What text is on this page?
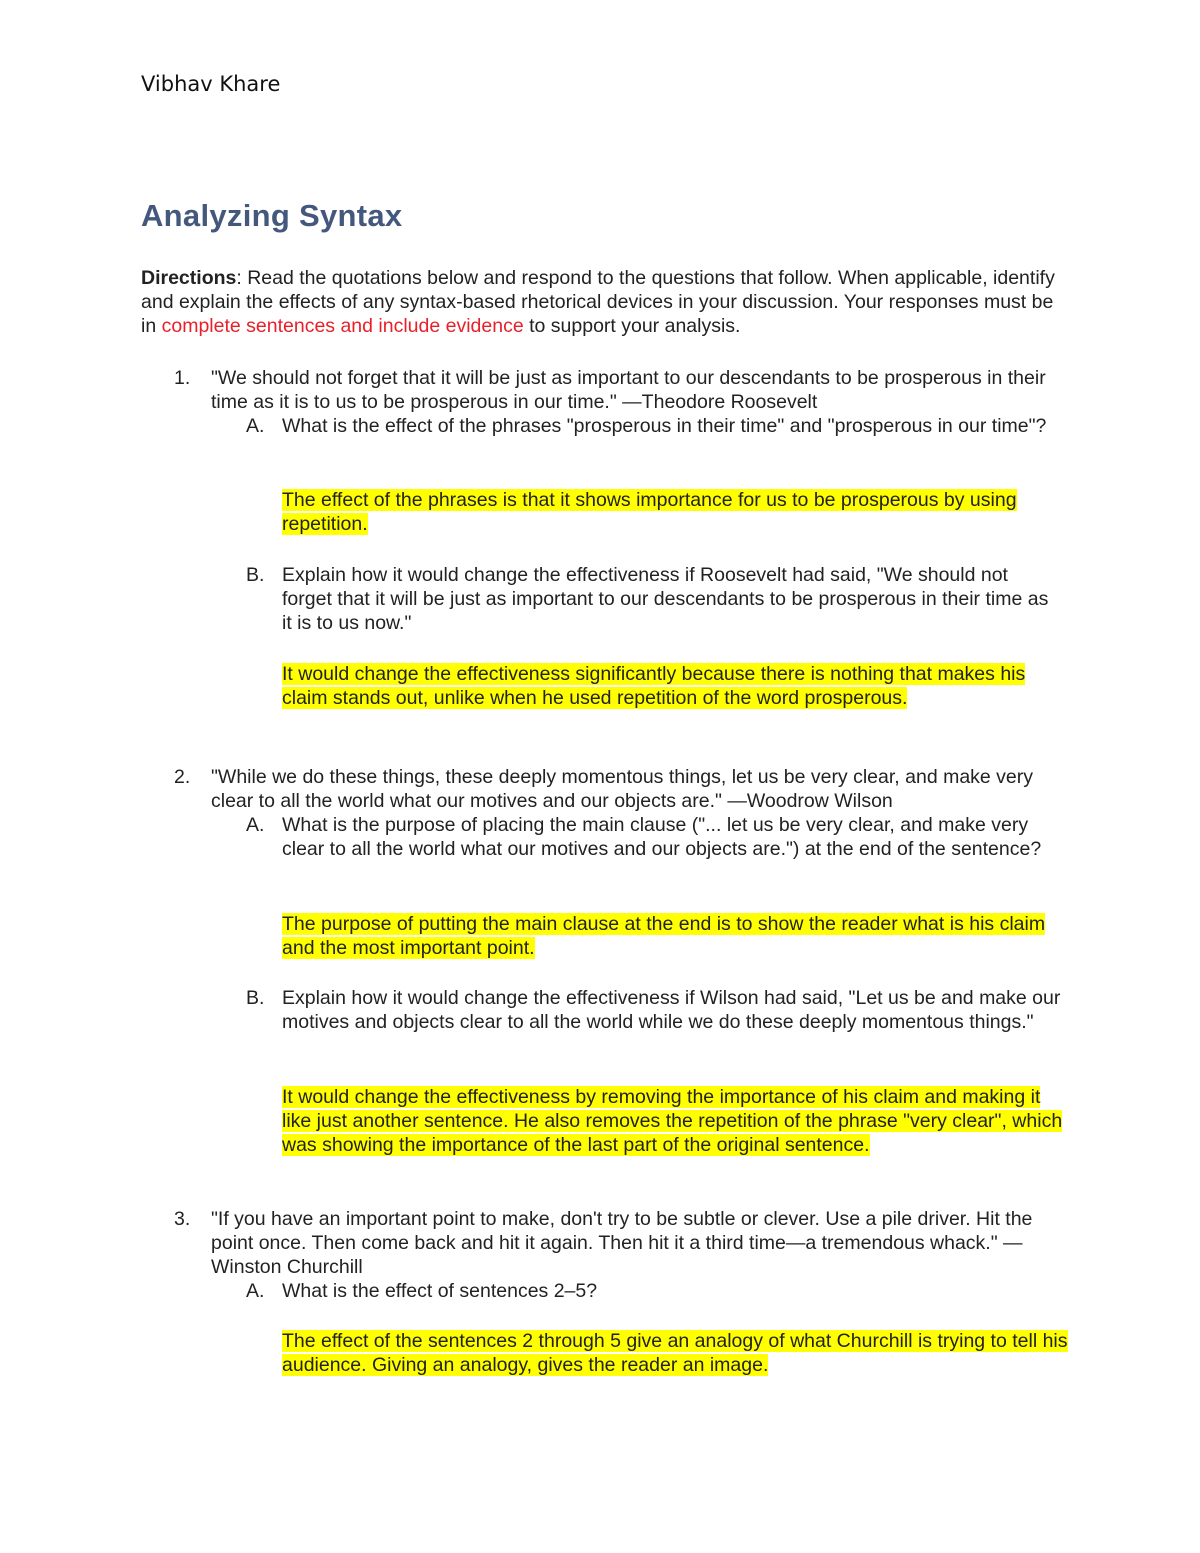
Vibhav Khare
Analyzing Syntax
Directions: Read the quotations below and respond to the questions that follow. When applicable, identify and explain the effects of any syntax-based rhetorical devices in your discussion. Your responses must be in complete sentences and include evidence to support your analysis.
1. "We should not forget that it will be just as important to our descendants to be prosperous in their time as it is to us to be prosperous in our time." —Theodore Roosevelt
A. What is the effect of the phrases "prosperous in their time" and "prosperous in our time"?
The effect of the phrases is that it shows importance for us to be prosperous by using repetition.
B. Explain how it would change the effectiveness if Roosevelt had said, "We should not forget that it will be just as important to our descendants to be prosperous in their time as it is to us now."
It would change the effectiveness significantly because there is nothing that makes his claim stands out, unlike when he used repetition of the word prosperous.
2. "While we do these things, these deeply momentous things, let us be very clear, and make very clear to all the world what our motives and our objects are." —Woodrow Wilson
A. What is the purpose of placing the main clause ("... let us be very clear, and make very clear to all the world what our motives and our objects are.") at the end of the sentence?
The purpose of putting the main clause at the end is to show the reader what is his claim and the most important point.
B. Explain how it would change the effectiveness if Wilson had said, "Let us be and make our motives and objects clear to all the world while we do these deeply momentous things."
It would change the effectiveness by removing the importance of his claim and making it like just another sentence. He also removes the repetition of the phrase "very clear", which was showing the importance of the last part of the original sentence.
3. "If you have an important point to make, don't try to be subtle or clever. Use a pile driver. Hit the point once. Then come back and hit it again. Then hit it a third time—a tremendous whack." —Winston Churchill
A. What is the effect of sentences 2–5?
The effect of the sentences 2 through 5 give an analogy of what Churchill is trying to tell his audience. Giving an analogy, gives the reader an image.
